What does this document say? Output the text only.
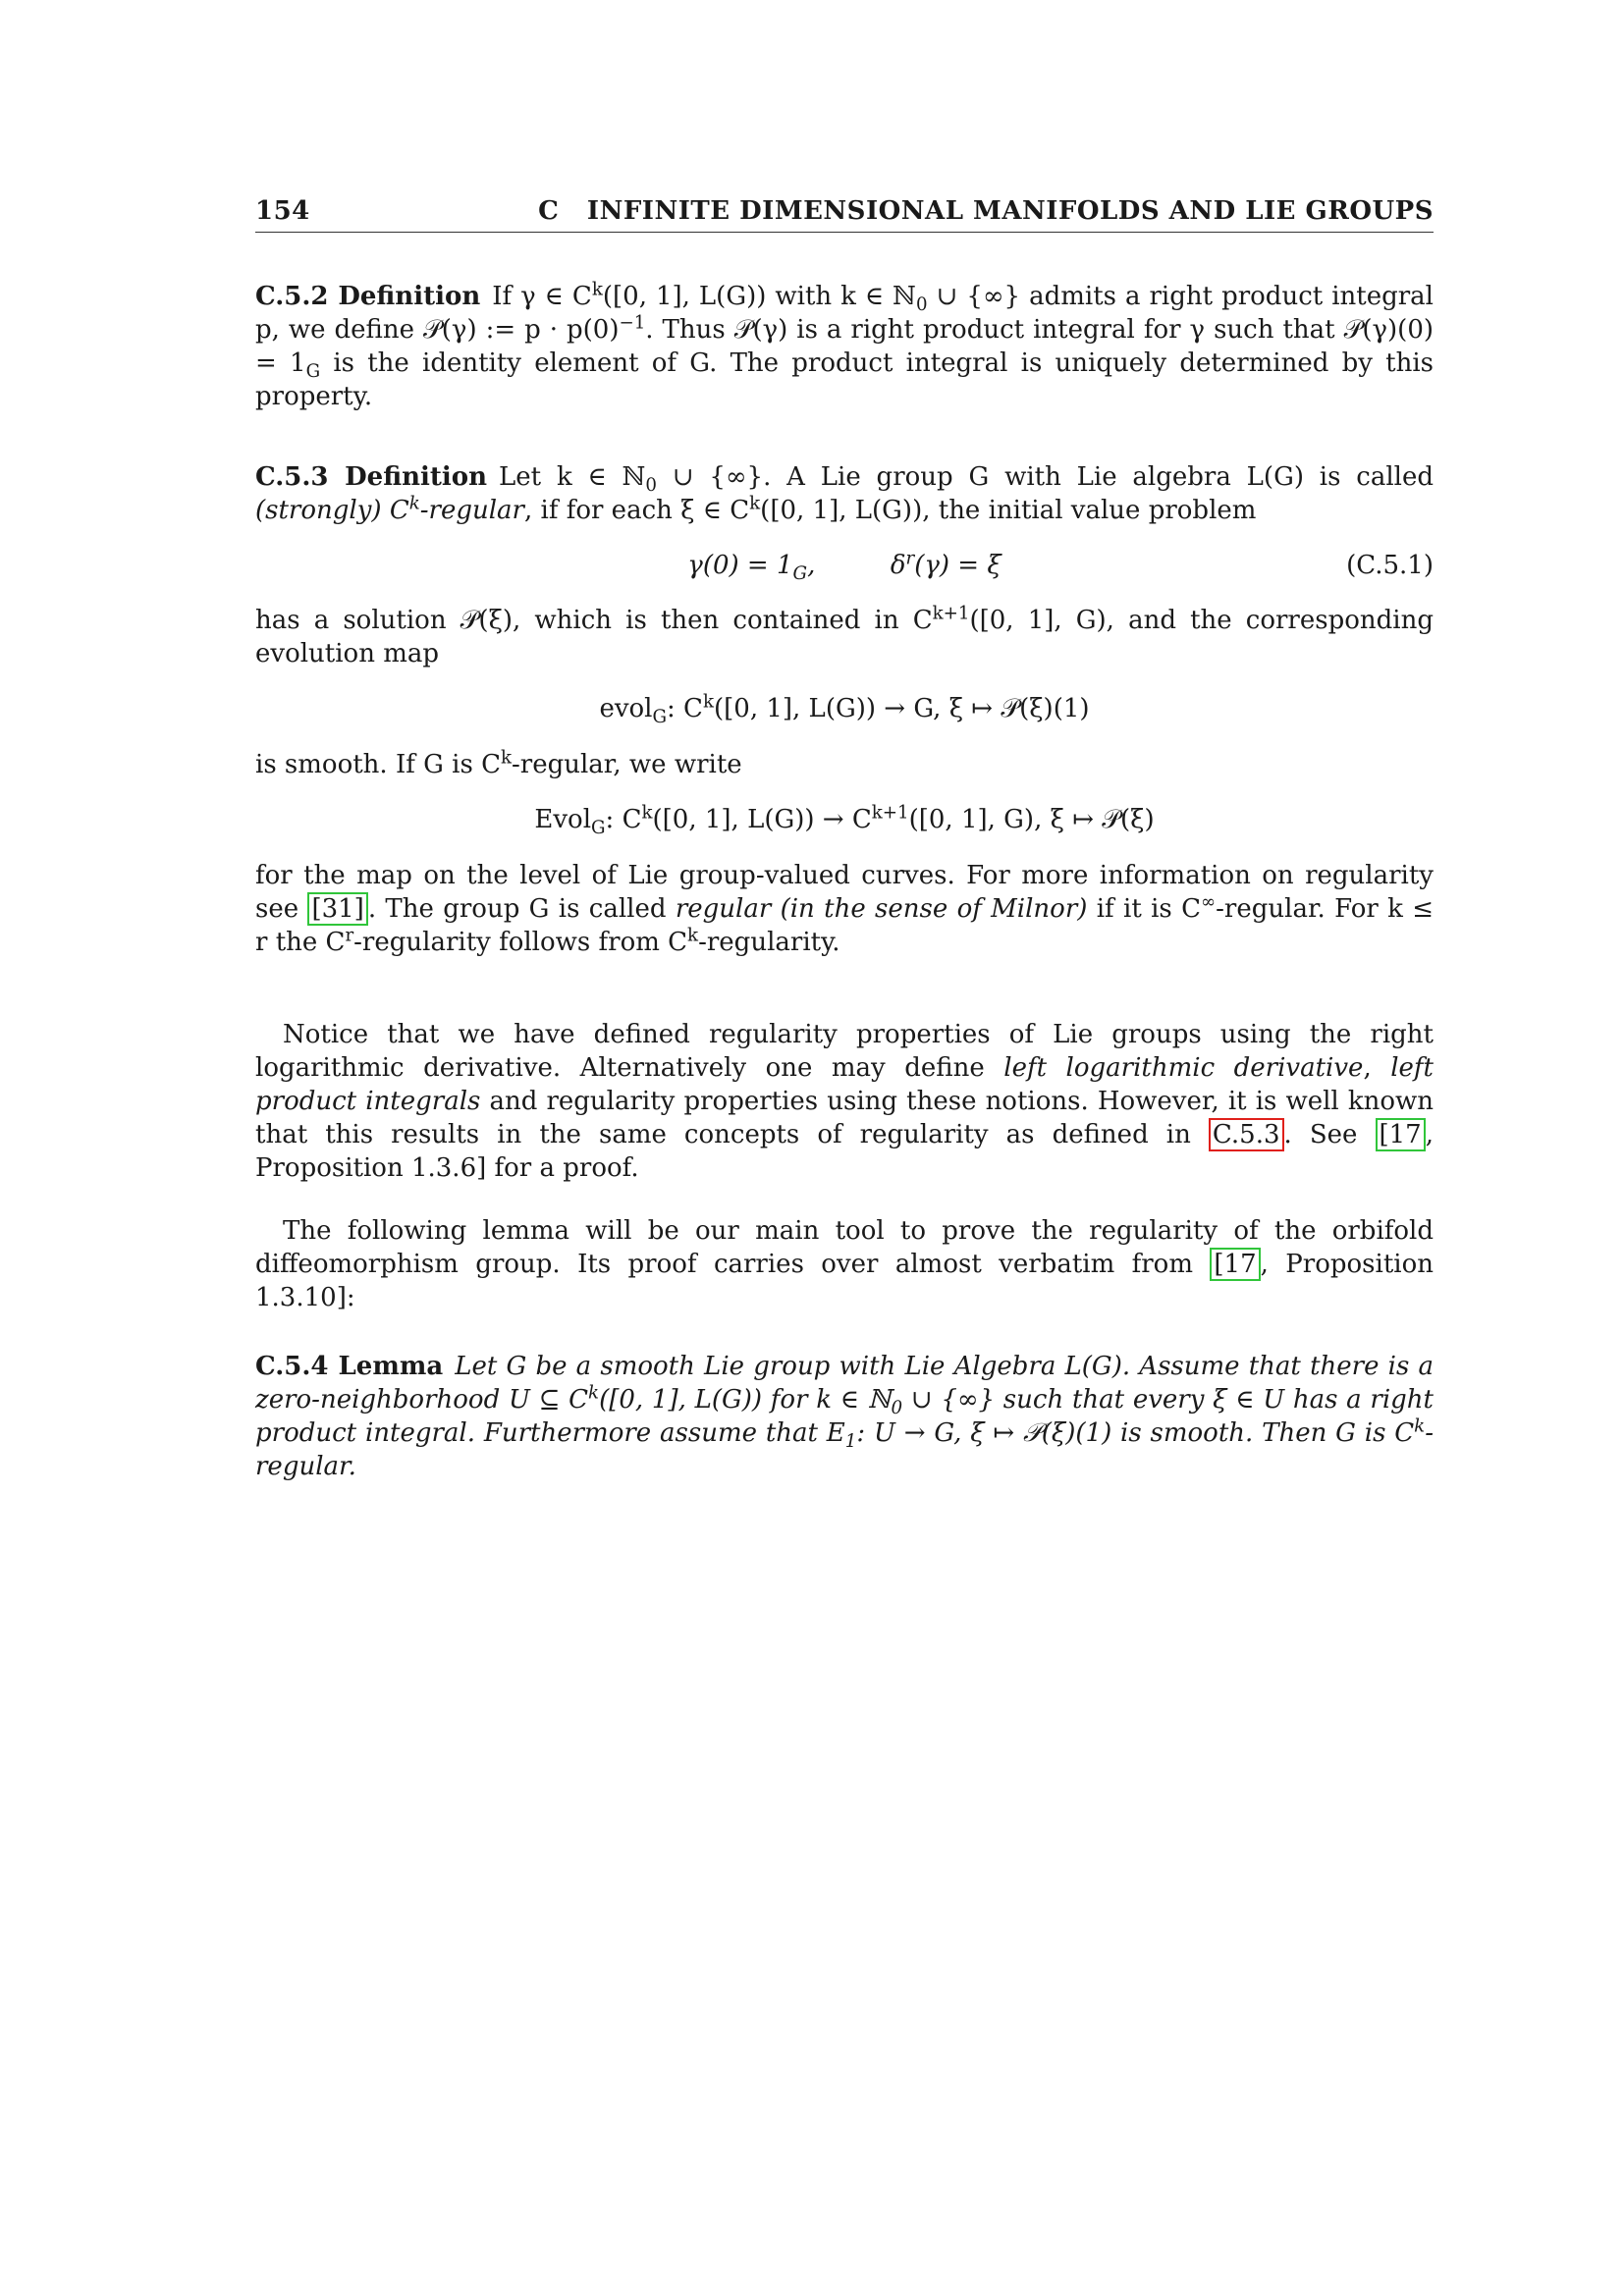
154	C   INFINITE DIMENSIONAL MANIFOLDS AND LIE GROUPS
C.5.2 Definition If γ ∈ $C^k([0$, 1], L(G)) with k ∈ ℕ$_0$ ∪ {∞} admits a right product integral p, we define 𝒫(γ) := $p \cdot p(0)^{-1}$. Thus 𝒫(γ) is a right product integral for γ such that 𝒫(γ)(0) = $1_G$ is the identity element of G. The product integral is uniquely determined by this property.
C.5.3 Definition Let k ∈ ℕ$_0$ ∪ {∞}. A Lie group G with Lie algebra L(G) is called (strongly) $C^k$-regular, if for each ξ ∈ $C^k([0$, 1], L(G)), the initial value problem
$\gamma(0) = 1_G$,	$\delta^r(\gamma) = \xi$	(C.5.1)
has a solution 𝒫(ξ), which is then contained in $C^{k+1}([0$, 1], G), and the corresponding evolution map
evol$_G$: $C^k([0$, 1], L(G)) → G, ξ ↦ 𝒫(ξ)(1)
is smooth. If G is $C^k$-regular, we write
Evol$_G$: $C^k([0$, 1], $L(G)) \to C^{k+1}([0$, 1], G), ξ ↦ 𝒫(ξ)
for the map on the level of Lie group-valued curves. For more information on regularity see [31] . The group G is called regular (in the sense of Milnor) if it is C∞-regular. For k ≤ r the $C^r$-regularity follows from $C^k$-regularity.
Notice that we have defined regularity properties of Lie groups using the right logarithmic derivative. Alternatively one may define left logarithmic derivative, left product integrals and regularity properties using these notions. However, it is well known that this results in the same concepts of regularity as defined in C.5.3 . See [17 , Proposition 1.3.6] for a proof.
The following lemma will be our main tool to prove the regularity of the orbifold diffeomorphism group. Its proof carries over almost verbatim from [17 , Proposition 1.3.10]:
C.5.4 Lemma Let G be a smooth Lie group with Lie Algebra L(G). Assume that there is a zero-neighborhood U ⊆ $C^k([0$, 1], L(G)) for k ∈ ℕ$_0$ ∪ {∞} such that every ξ ∈ U has a right product integral. Furthermore assume that $E_1$: U → G, ξ ↦ 𝒫(ξ)(1) is smooth. Then G is $C^k$-regular.
